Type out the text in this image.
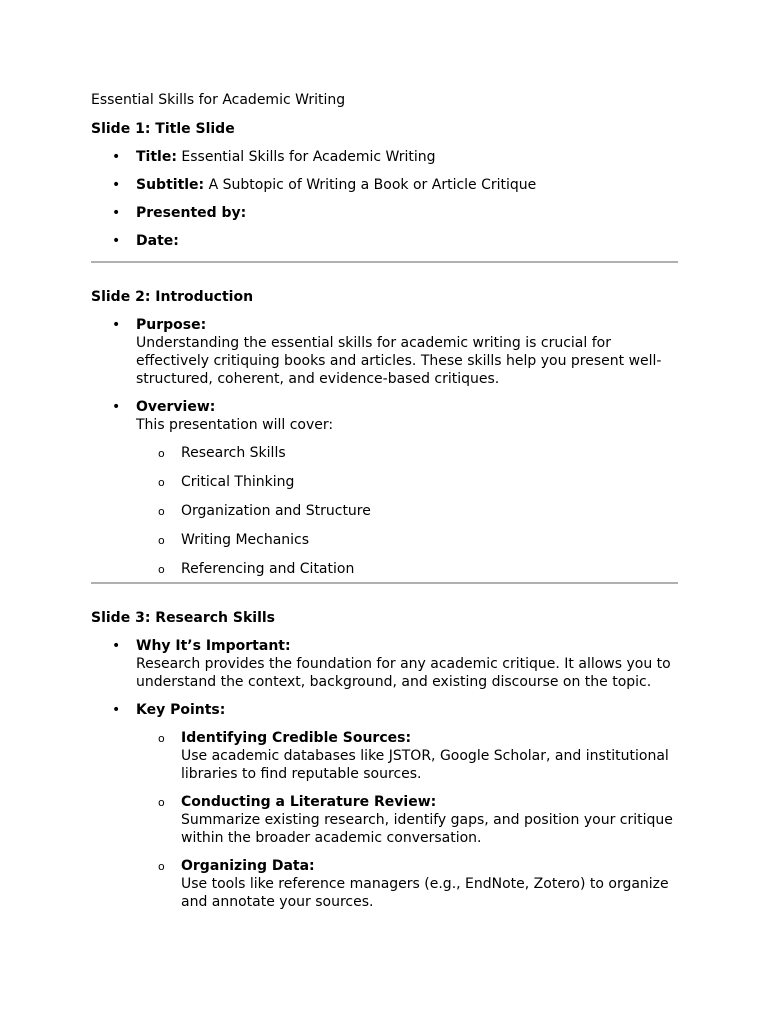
Essential Skills for Academic Writing
Slide 1: Title Slide
• Title: Essential Skills for Academic Writing
• Subtitle: A Subtopic of Writing a Book or Article Critique
• Presented by:
• Date:
Slide 2: Introduction
• Purpose:
Understanding the essential skills for academic writing is crucial for effectively critiquing books and articles. These skills help you present well-structured, coherent, and evidence-based critiques.
• Overview:
This presentation will cover:
o Research Skills
o Critical Thinking
o Organization and Structure
o Writing Mechanics
o Referencing and Citation
Slide 3: Research Skills
• Why It’s Important:
Research provides the foundation for any academic critique. It allows you to understand the context, background, and existing discourse on the topic.
• Key Points:
o Identifying Credible Sources:
Use academic databases like JSTOR, Google Scholar, and institutional libraries to find reputable sources.
o Conducting a Literature Review:
Summarize existing research, identify gaps, and position your critique within the broader academic conversation.
o Organizing Data:
Use tools like reference managers (e.g., EndNote, Zotero) to organize and annotate your sources.
